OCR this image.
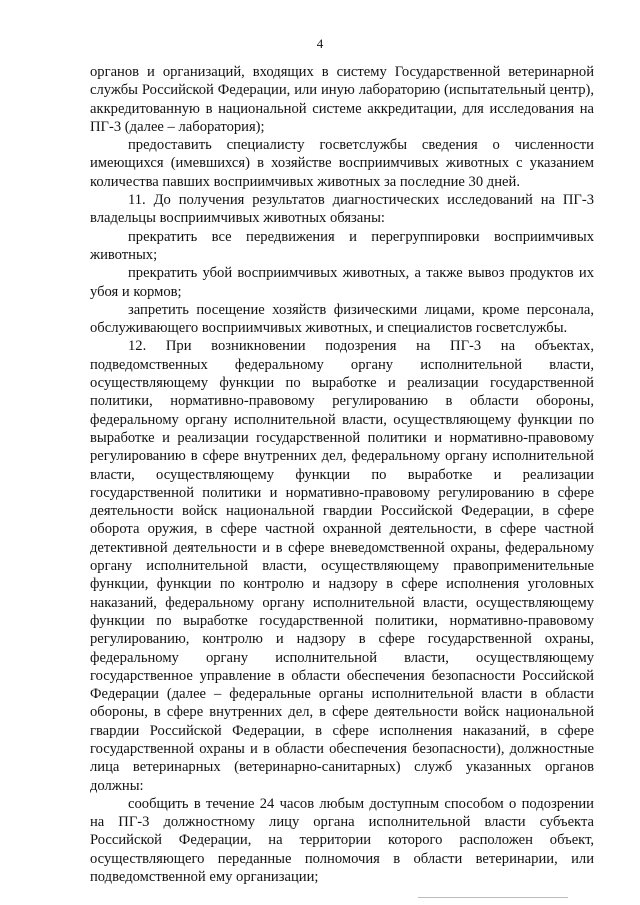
4

органов и организаций, входящих в систему Государственной ветеринарной службы Российской Федерации, или иную лабораторию (испытательный центр), аккредитованную в национальной системе аккредитации, для исследования на ПГ-3 (далее – лаборатория);

предоставить специалисту госветслужбы сведения о численности имеющихся (имевшихся) в хозяйстве восприимчивых животных с указанием количества павших восприимчивых животных за последние 30 дней.

11. До получения результатов диагностических исследований на ПГ-3 владельцы восприимчивых животных обязаны:

прекратить все передвижения и перегруппировки восприимчивых животных;

прекратить убой восприимчивых животных, а также вывоз продуктов их убоя и кормов;

запретить посещение хозяйств физическими лицами, кроме персонала, обслуживающего восприимчивых животных, и специалистов госветслужбы.

12. При возникновении подозрения на ПГ-3 на объектах, подведомственных федеральному органу исполнительной власти, осуществляющему функции по выработке и реализации государственной политики, нормативно-правовому регулированию в области обороны, федеральному органу исполнительной власти, осуществляющему функции по выработке и реализации государственной политики и нормативно-правовому регулированию в сфере внутренних дел, федеральному органу исполнительной власти, осуществляющему функции по выработке и реализации государственной политики и нормативно-правовому регулированию в сфере деятельности войск национальной гвардии Российской Федерации, в сфере оборота оружия, в сфере частной охранной деятельности, в сфере частной детективной деятельности и в сфере вневедомственной охраны, федеральному органу исполнительной власти, осуществляющему правоприменительные функции, функции по контролю и надзору в сфере исполнения уголовных наказаний, федеральному органу исполнительной власти, осуществляющему функции по выработке государственной политики, нормативно-правовому регулированию, контролю и надзору в сфере государственной охраны, федеральному органу исполнительной власти, осуществляющему государственное управление в области обеспечения безопасности Российской Федерации (далее – федеральные органы исполнительной власти в области обороны, в сфере внутренних дел, в сфере деятельности войск национальной гвардии Российской Федерации, в сфере исполнения наказаний, в сфере государственной охраны и в области обеспечения безопасности), должностные лица ветеринарных (ветеринарно-санитарных) служб указанных органов должны:

сообщить в течение 24 часов любым доступным способом о подозрении на ПГ-3 должностному лицу органа исполнительной власти субъекта Российской Федерации, на территории которого расположен объект, осуществляющего переданные полномочия в области ветеринарии, или подведомственной ему организации;
